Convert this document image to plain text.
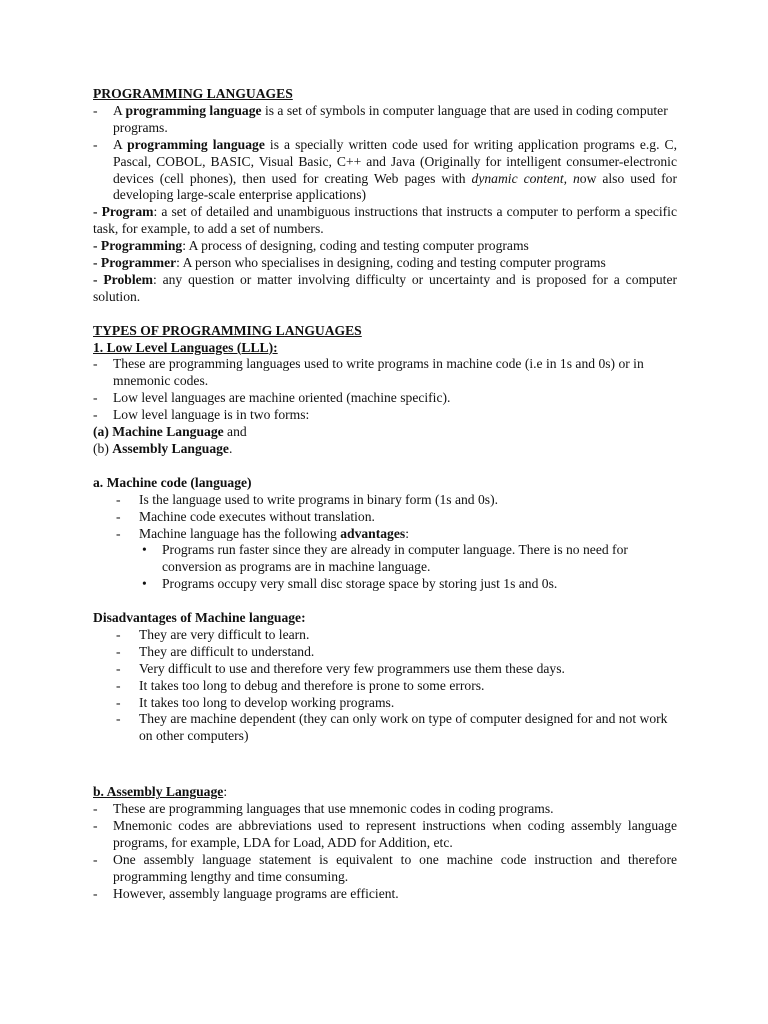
PROGRAMMING LANGUAGES

- A programming language is a set of symbols in computer language that are used in coding computer programs.
- A programming language is a specially written code used for writing application programs e.g. C, Pascal, COBOL, BASIC, Visual Basic, C++ and Java (Originally for intelligent consumer-electronic devices (cell phones), then used for creating Web pages with dynamic content, now also used for developing large-scale enterprise applications)

- Program: a set of detailed and unambiguous instructions that instructs a computer to perform a specific task, for example, to add a set of numbers.

- Programming: A process of designing, coding and testing computer programs

- Programmer: A person who specialises in designing, coding and testing computer programs

- Problem: any question or matter involving difficulty or uncertainty and is proposed for a computer solution.

TYPES OF PROGRAMMING LANGUAGES

1. Low Level Languages (LLL):

- These are programming languages used to write programs in machine code (i.e in 1s and 0s) or in mnemonic codes.
- Low level languages are machine oriented (machine specific).
- Low level language is in two forms:

(a) Machine Language and

(b) Assembly Language.

a. Machine code (language)

- Is the language used to write programs in binary form (1s and 0s).
- Machine code executes without translation.
- Machine language has the following advantages:
• Programs run faster since they are already in computer language. There is no need for conversion as programs are in machine language.
• Programs occupy very small disc storage space by storing just 1s and 0s.

Disadvantages of Machine language:

- They are very difficult to learn.
- They are difficult to understand.
- Very difficult to use and therefore very few programmers use them these days.
- It takes too long to debug and therefore is prone to some errors.
- It takes too long to develop working programs.
- They are machine dependent (they can only work on type of computer designed for and not work on other computers)

b. Assembly Language:

- These are programming languages that use mnemonic codes in coding programs.
- Mnemonic codes are abbreviations used to represent instructions when coding assembly language programs, for example, LDA for Load, ADD for Addition, etc.
- One assembly language statement is equivalent to one machine code instruction and therefore programming lengthy and time consuming.
- However, assembly language programs are efficient.
